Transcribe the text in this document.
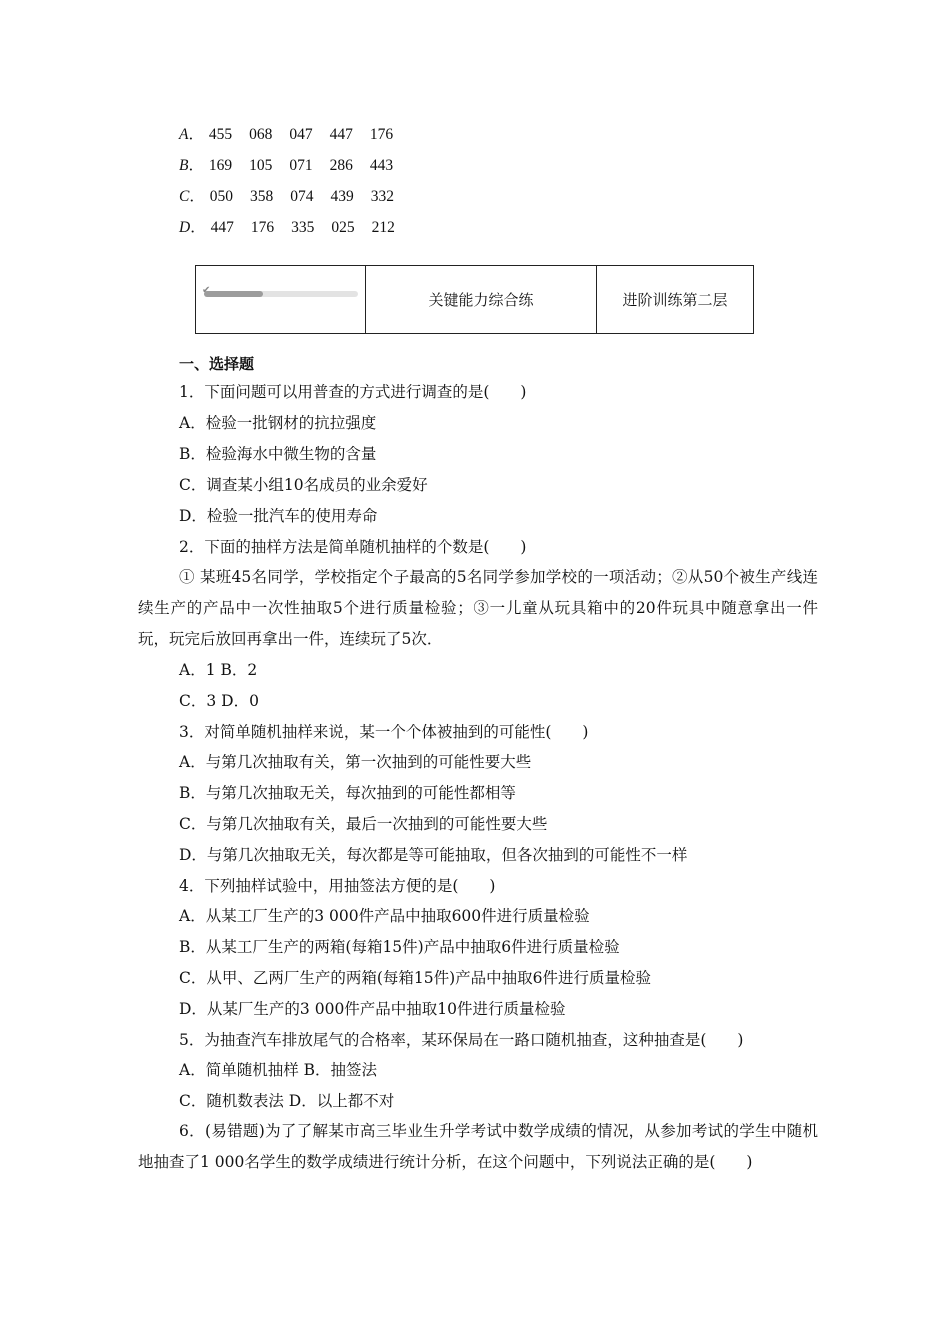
A． 455 068 047 447 176
B． 169 105 071 286 443
C． 050 358 074 439 332
D． 447 176 335 025 212
✔
关键能力综合练	进阶训练第二层
一、选择题
1．下面问题可以用普查的方式进行调查的是(　　)
A．检验一批钢材的抗拉强度
B．检验海水中微生物的含量
C．调查某小组10名成员的业余爱好
D．检验一批汽车的使用寿命
2．下面的抽样方法是简单随机抽样的个数是(　　)
① 某班45名同学，学校指定个子最高的5名同学参加学校的一项活动；②从50个被生产线连续生产的产品中一次性抽取5个进行质量检验；③一儿童从玩具箱中的20件玩具中随意拿出一件玩，玩完后放回再拿出一件，连续玩了5次．
A．1 B．2
C．3 D．0
3．对简单随机抽样来说，某一个个体被抽到的可能性(　　)
A．与第几次抽取有关，第一次抽到的可能性要大些
B．与第几次抽取无关，每次抽到的可能性都相等
C．与第几次抽取有关，最后一次抽到的可能性要大些
D．与第几次抽取无关，每次都是等可能抽取，但各次抽到的可能性不一样
4．下列抽样试验中，用抽签法方便的是(　　)
A．从某工厂生产的3 000件产品中抽取600件进行质量检验
B．从某工厂生产的两箱(每箱15件)产品中抽取6件进行质量检验
C．从甲、乙两厂生产的两箱(每箱15件)产品中抽取6件进行质量检验
D．从某厂生产的3 000件产品中抽取10件进行质量检验
5．为抽查汽车排放尾气的合格率，某环保局在一路口随机抽查，这种抽查是(　　)
A．简单随机抽样 B．抽签法
C．随机数表法 D．以上都不对
6．(易错题)为了了解某市高三毕业生升学考试中数学成绩的情况，从参加考试的学生中随机地抽查了1 000名学生的数学成绩进行统计分析，在这个问题中，下列说法正确的是(　　)
